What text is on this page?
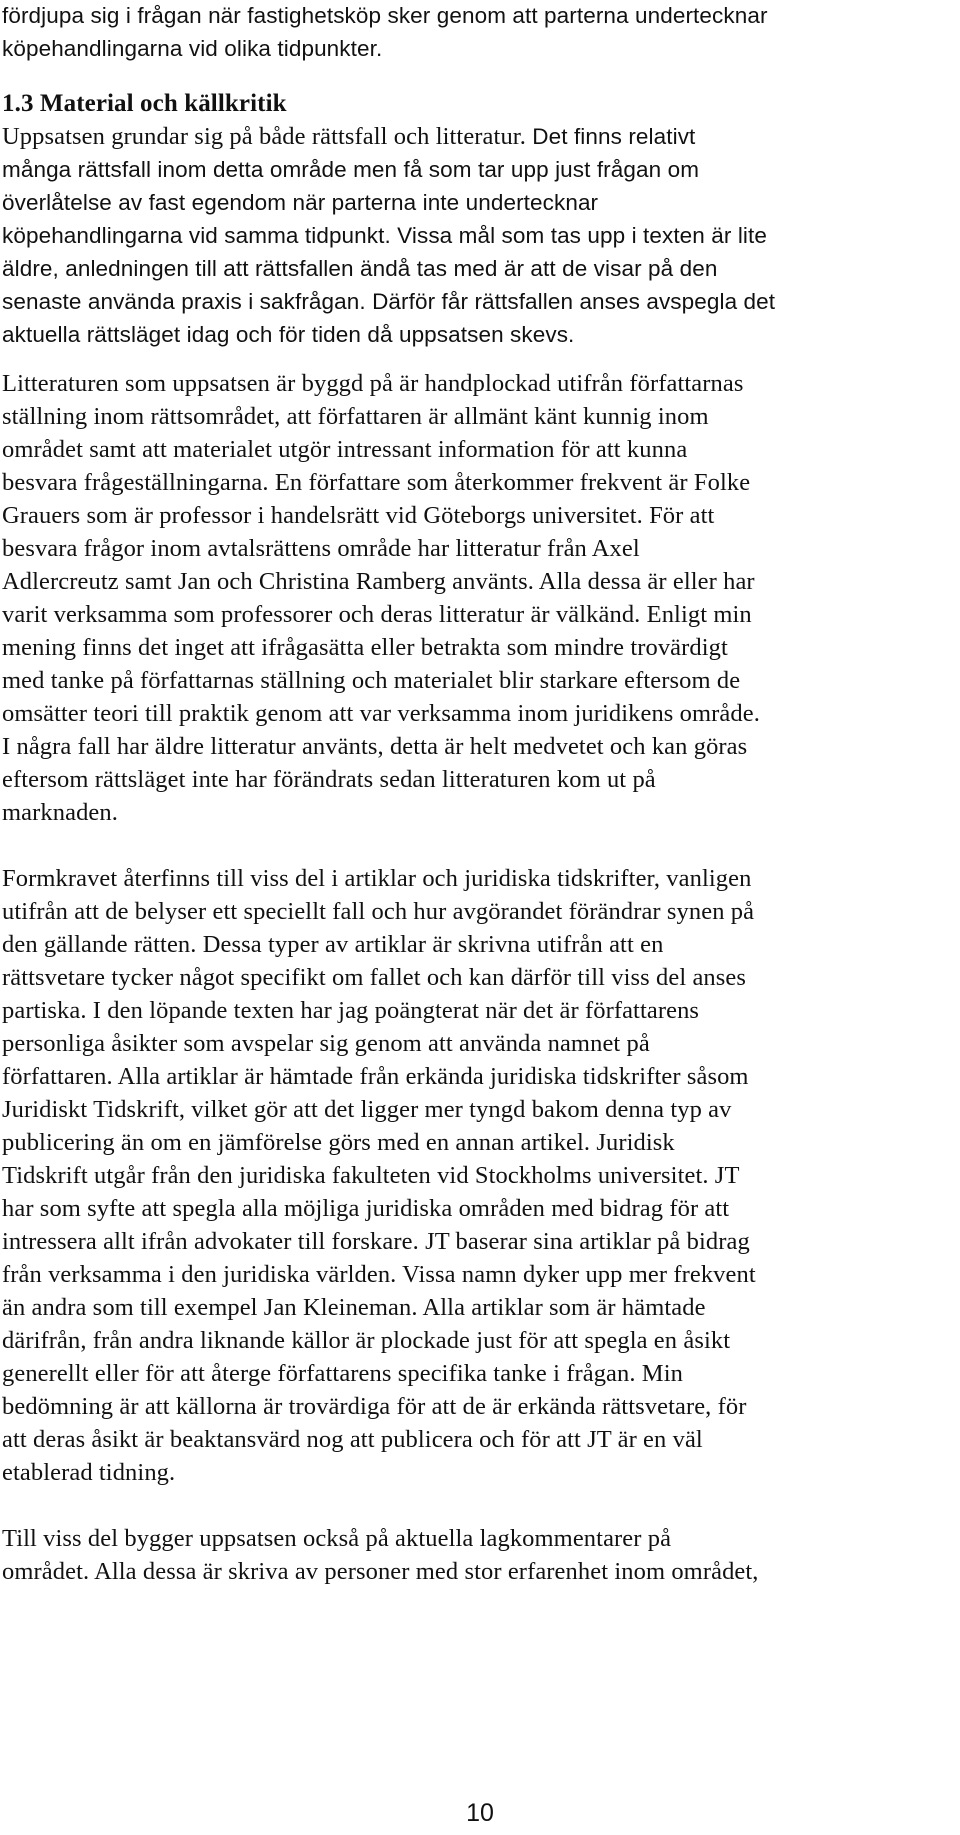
fördjupa sig i frågan när fastighetsköp sker genom att parterna undertecknar

köpehandlingarna vid olika tidpunkter.

1.3 Material och källkritik

Uppsatsen grundar sig på både rättsfall och litteratur. Det finns relativt

många rättsfall inom detta område men få som tar upp just frågan om

överlåtelse av fast egendom när parterna inte undertecknar

köpehandlingarna vid samma tidpunkt. Vissa mål som tas upp i texten är lite

äldre, anledningen till att rättsfallen ändå tas med är att de visar på den

senaste använda praxis i sakfrågan. Därför får rättsfallen anses avspegla det

aktuella rättsläget idag och för tiden då uppsatsen skevs.

Litteraturen som uppsatsen är byggd på är handplockad utifrån författarnas

ställning inom rättsområdet, att författaren är allmänt känt kunnig inom

området samt att materialet utgör intressant information för att kunna

besvara frågeställningarna. En författare som återkommer frekvent är Folke

Grauers som är professor i handelsrätt vid Göteborgs universitet. För att

besvara frågor inom avtalsrättens område har litteratur från Axel

Adlercreutz samt Jan och Christina Ramberg använts. Alla dessa är eller har

varit verksamma som professorer och deras litteratur är välkänd. Enligt min

mening finns det inget att ifrågasätta eller betrakta som mindre trovärdigt

med tanke på författarnas ställning och materialet blir starkare eftersom de

omsätter teori till praktik genom att var verksamma inom juridikens område.

I några fall har äldre litteratur använts, detta är helt medvetet och kan göras

eftersom rättsläget inte har förändrats sedan litteraturen kom ut på

marknaden.

Formkravet återfinns till viss del i artiklar och juridiska tidskrifter, vanligen

utifrån att de belyser ett speciellt fall och hur avgörandet förändrar synen på

den gällande rätten. Dessa typer av artiklar är skrivna utifrån att en

rättsvetare tycker något specifikt om fallet och kan därför till viss del anses

partiska. I den löpande texten har jag poängterat när det är författarens

personliga åsikter som avspelar sig genom att använda namnet på

författaren. Alla artiklar är hämtade från erkända juridiska tidskrifter såsom

Juridiskt Tidskrift, vilket gör att det ligger mer tyngd bakom denna typ av

publicering än om en jämförelse görs med en annan artikel. Juridisk

Tidskrift utgår från den juridiska fakulteten vid Stockholms universitet. JT

har som syfte att spegla alla möjliga juridiska områden med bidrag för att

intressera allt ifrån advokater till forskare. JT baserar sina artiklar på bidrag

från verksamma i den juridiska världen. Vissa namn dyker upp mer frekvent

än andra som till exempel Jan Kleineman. Alla artiklar som är hämtade

därifrån, från andra liknande källor är plockade just för att spegla en åsikt

generellt eller för att återge författarens specifika tanke i frågan. Min

bedömning är att källorna är trovärdiga för att de är erkända rättsvetare, för

att deras åsikt är beaktansvärd nog att publicera och för att JT är en väl

etablerad tidning.

Till viss del bygger uppsatsen också på aktuella lagkommentarer på

området. Alla dessa är skriva av personer med stor erfarenhet inom området,

10
